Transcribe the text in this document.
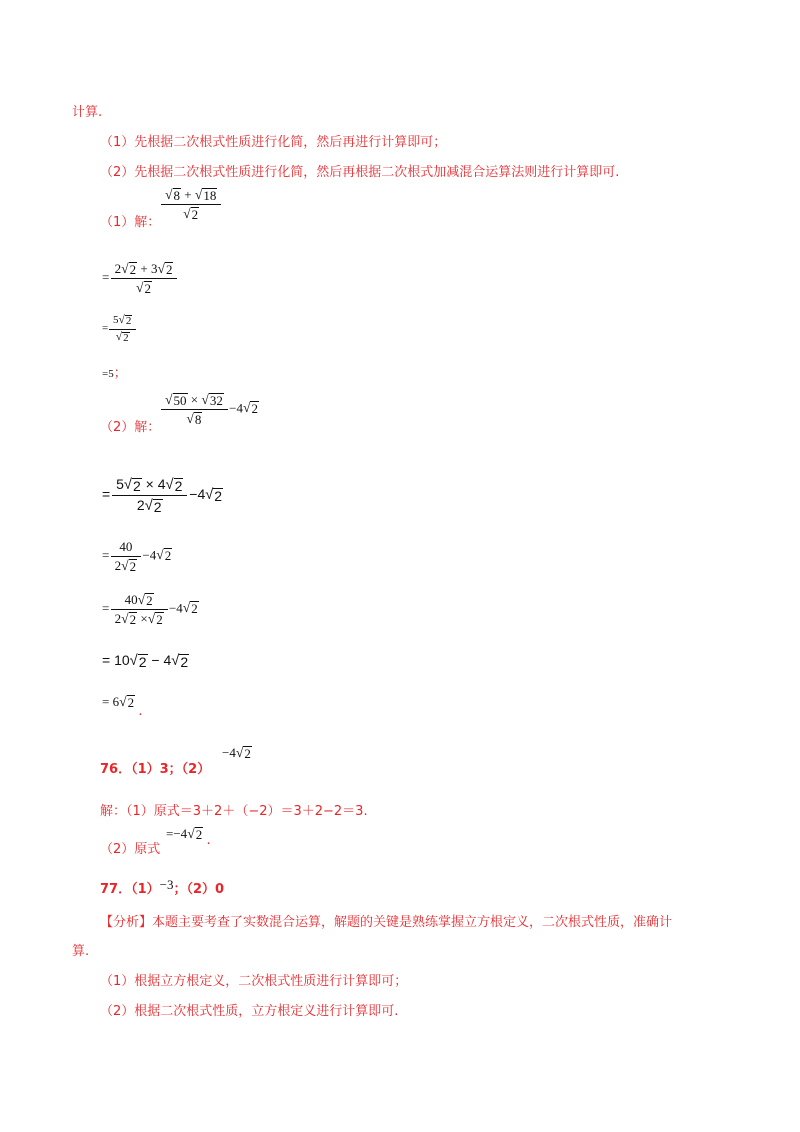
计算.
（1）先根据二次根式性质进行化简，然后再进行计算即可；
（2）先根据二次根式性质进行化简，然后再根据二次根式加减混合运算法则进行计算即可.
（1）解：
$\frac{√ 8 + √ 18}{√ 2}$
= $\frac{2 √ 2 + 3 √ 2}{√ 2}$
= $\frac{5 √ 2}{√ 2}$
=5；
（2）解：
$\frac{√ 50 \times √ 32}{√ 8} -4$ √ 2
= $\frac{5 √ 2 \times 4 √ 2}{2 √ 2} -4$ √ 2
= $\frac{40}{2 √ 2} -4$ √ 2
= $\frac{40 √ 2}{2 √ 2 \times √ 2} -4$ √ 2
= 10 √ 2 − 4 √ 2
= 6 √ 2
.
76．（1）3；（2）
−4 √ 2
解：（1）原式＝3＋2＋（−2）＝3＋2−2＝3.
（2）原式
=−4 √ 2 .
77．（1）−3；（2）0
【分析】本题主要考查了实数混合运算，解题的关键是熟练掌握立方根定义，二次根式性质，准确计
算.
（1）根据立方根定义，二次根式性质进行计算即可；
（2）根据二次根式性质，立方根定义进行计算即可.
